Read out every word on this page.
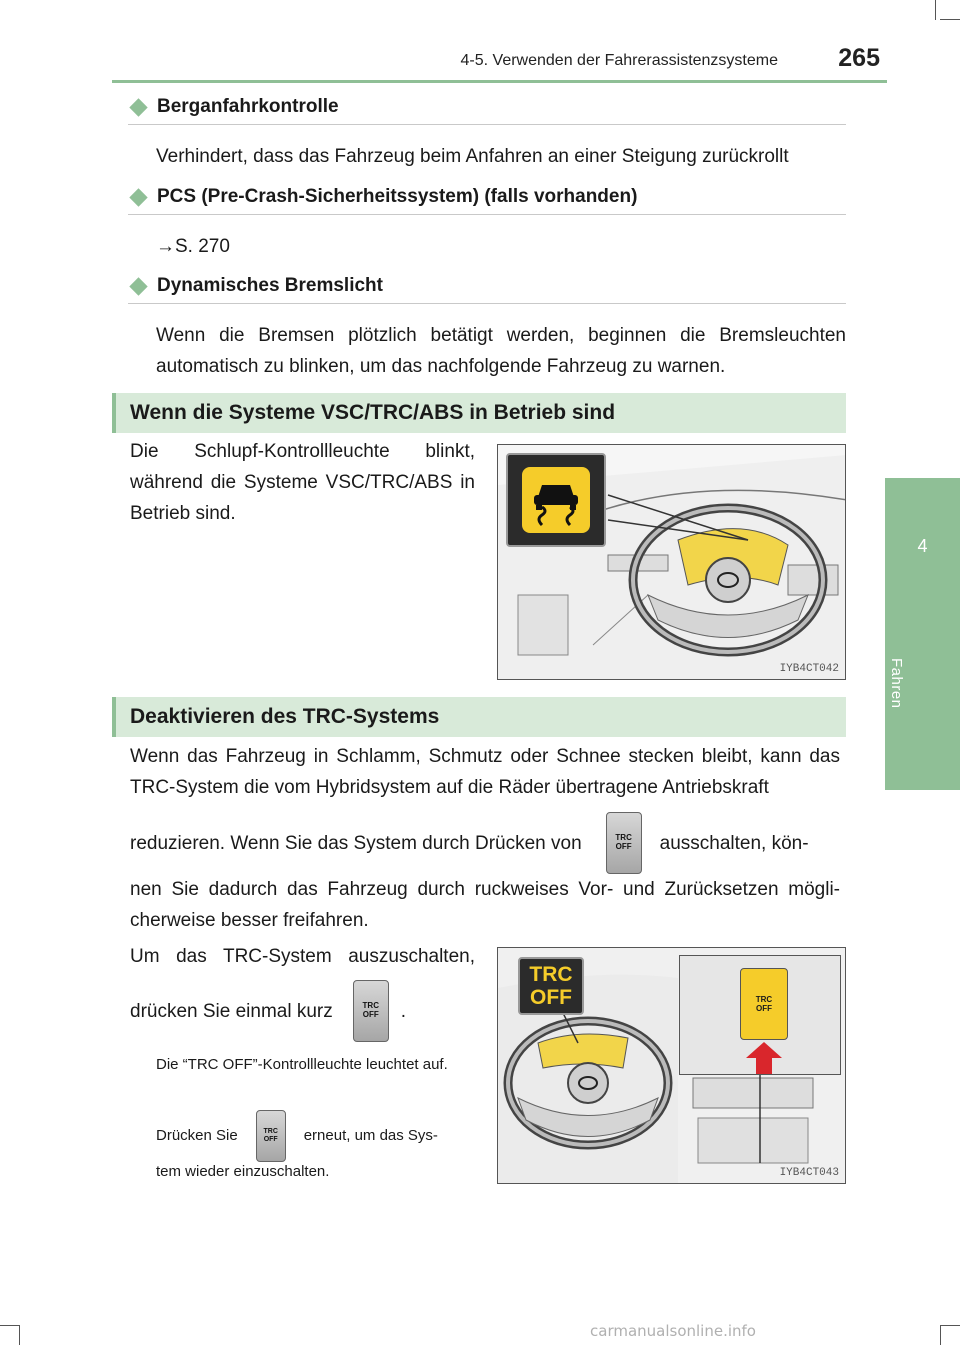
4-5. Verwenden der Fahrerassistenzsysteme	265
4
Fahren
Berganfahrkontrolle
Verhindert, dass das Fahrzeug beim Anfahren an einer Steigung zurückrollt
PCS (Pre-Crash-Sicherheitssystem) (falls vorhanden)
→S. 270
Dynamisches Bremslicht
Wenn die Bremsen plötzlich betätigt werden, beginnen die Bremsleuchten automatisch zu blinken, um das nachfolgende Fahrzeug zu warnen.
Wenn die Systeme VSC/TRC/ABS in Betrieb sind
Die Schlupf-Kontrollleuchte blinkt, während die Systeme VSC/TRC/ABS in Betrieb sind.
IYB4CT042
Deaktivieren des TRC-Systems
Wenn das Fahrzeug in Schlamm, Schmutz oder Schnee stecken bleibt, kann das TRC-System die vom Hybridsystem auf die Räder übertragene Antriebskraft
reduzieren. Wenn Sie das System durch Drücken von	TRC
OFF	ausschalten, kön-
nen Sie dadurch das Fahrzeug durch ruckweises Vor- und Zurücksetzen mögli-cherweise besser freifahren.
Um das TRC-System auszuschalten,
drücken Sie einmal kurz	TRC
OFF	.
Die “TRC OFF”-Kontrollleuchte leuchtet auf.
Drücken Sie	TRC
OFF	erneut, um das Sys-
tem wieder einzuschalten.
TRC
OFF	TRC
OFF
IYB4CT043
carmanualsonline.info
